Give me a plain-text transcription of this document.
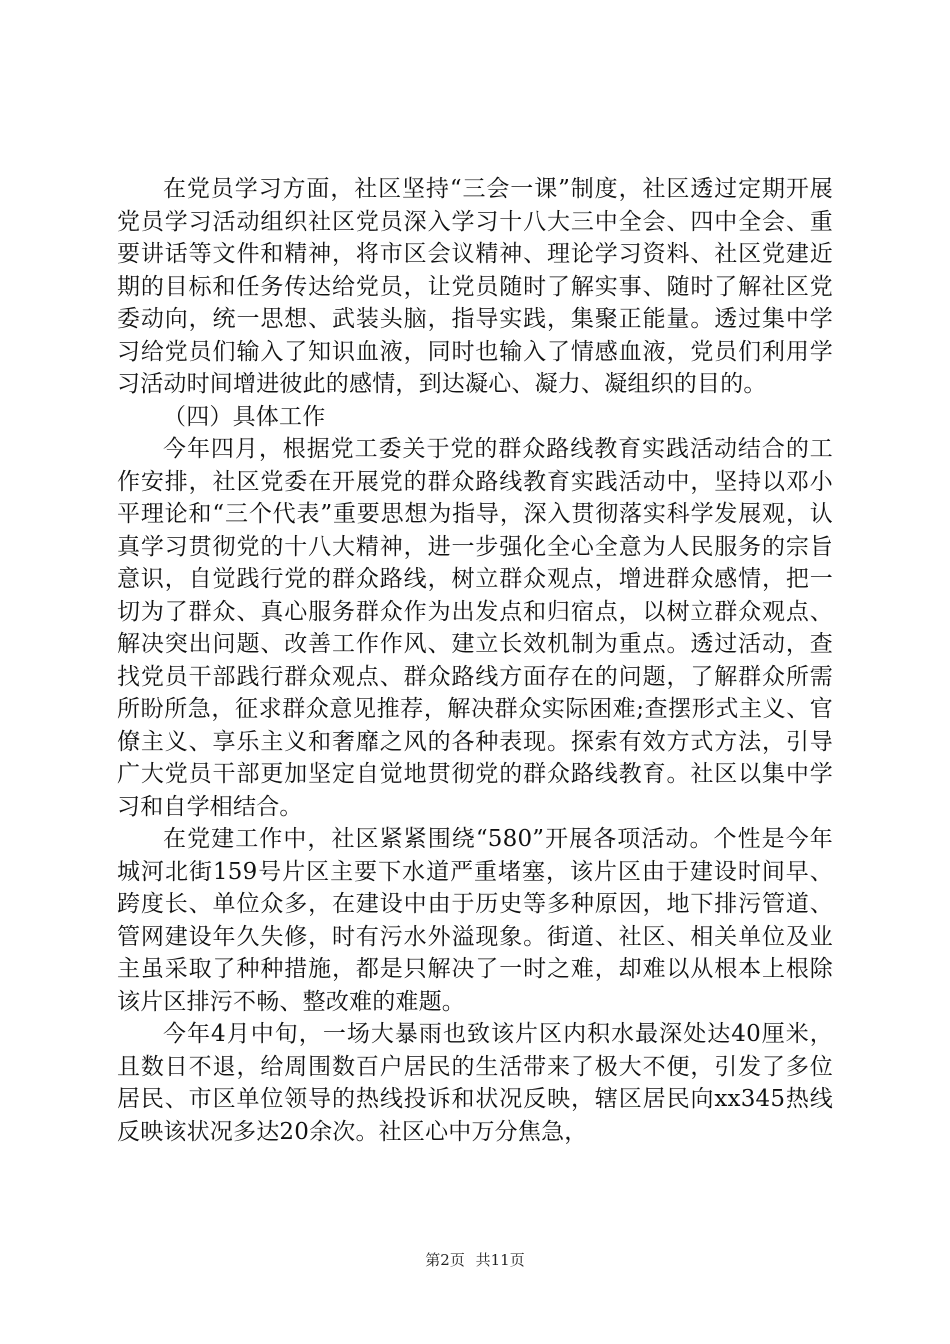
在党员学习方面，社区坚持“三会一课”制度，社区透过定期开展党员学习活动组织社区党员深入学习十八大三中全会、四中全会、重要讲话等文件和精神，将市区会议精神、理论学习资料、社区党建近期的目标和任务传达给党员，让党员随时了解实事、随时了解社区党委动向，统一思想、武装头脑，指导实践，集聚正能量。透过集中学习给党员们输入了知识血液，同时也输入了情感血液，党员们利用学习活动时间增进彼此的感情，到达凝心、凝力、凝组织的目的。

（四）具体工作

今年四月，根据党工委关于党的群众路线教育实践活动结合的工作安排，社区党委在开展党的群众路线教育实践活动中，坚持以邓小平理论和“三个代表”重要思想为指导，深入贯彻落实科学发展观，认真学习贯彻党的十八大精神，进一步强化全心全意为人民服务的宗旨意识，自觉践行党的群众路线，树立群众观点，增进群众感情，把一切为了群众、真心服务群众作为出发点和归宿点，以树立群众观点、解决突出问题、改善工作作风、建立长效机制为重点。透过活动，查找党员干部践行群众观点、群众路线方面存在的问题，了解群众所需所盼所急，征求群众意见推荐，解决群众实际困难;查摆形式主义、官僚主义、享乐主义和奢靡之风的各种表现。探索有效方式方法，引导广大党员干部更加坚定自觉地贯彻党的群众路线教育。社区以集中学习和自学相结合。

在党建工作中，社区紧紧围绕“580”开展各项活动。个性是今年城河北街159号片区主要下水道严重堵塞，该片区由于建设时间早、跨度长、单位众多，在建设中由于历史等多种原因，地下排污管道、管网建设年久失修，时有污水外溢现象。街道、社区、相关单位及业主虽采取了种种措施，都是只解决了一时之难，却难以从根本上根除该片区排污不畅、整改难的难题。

今年4月中旬，一场大暴雨也致该片区内积水最深处达40厘米，且数日不退，给周围数百户居民的生活带来了极大不便，引发了多位居民、市区单位领导的热线投诉和状况反映，辖区居民向xx345热线反映该状况多达20余次。社区心中万分焦急，

第2页 共11页
